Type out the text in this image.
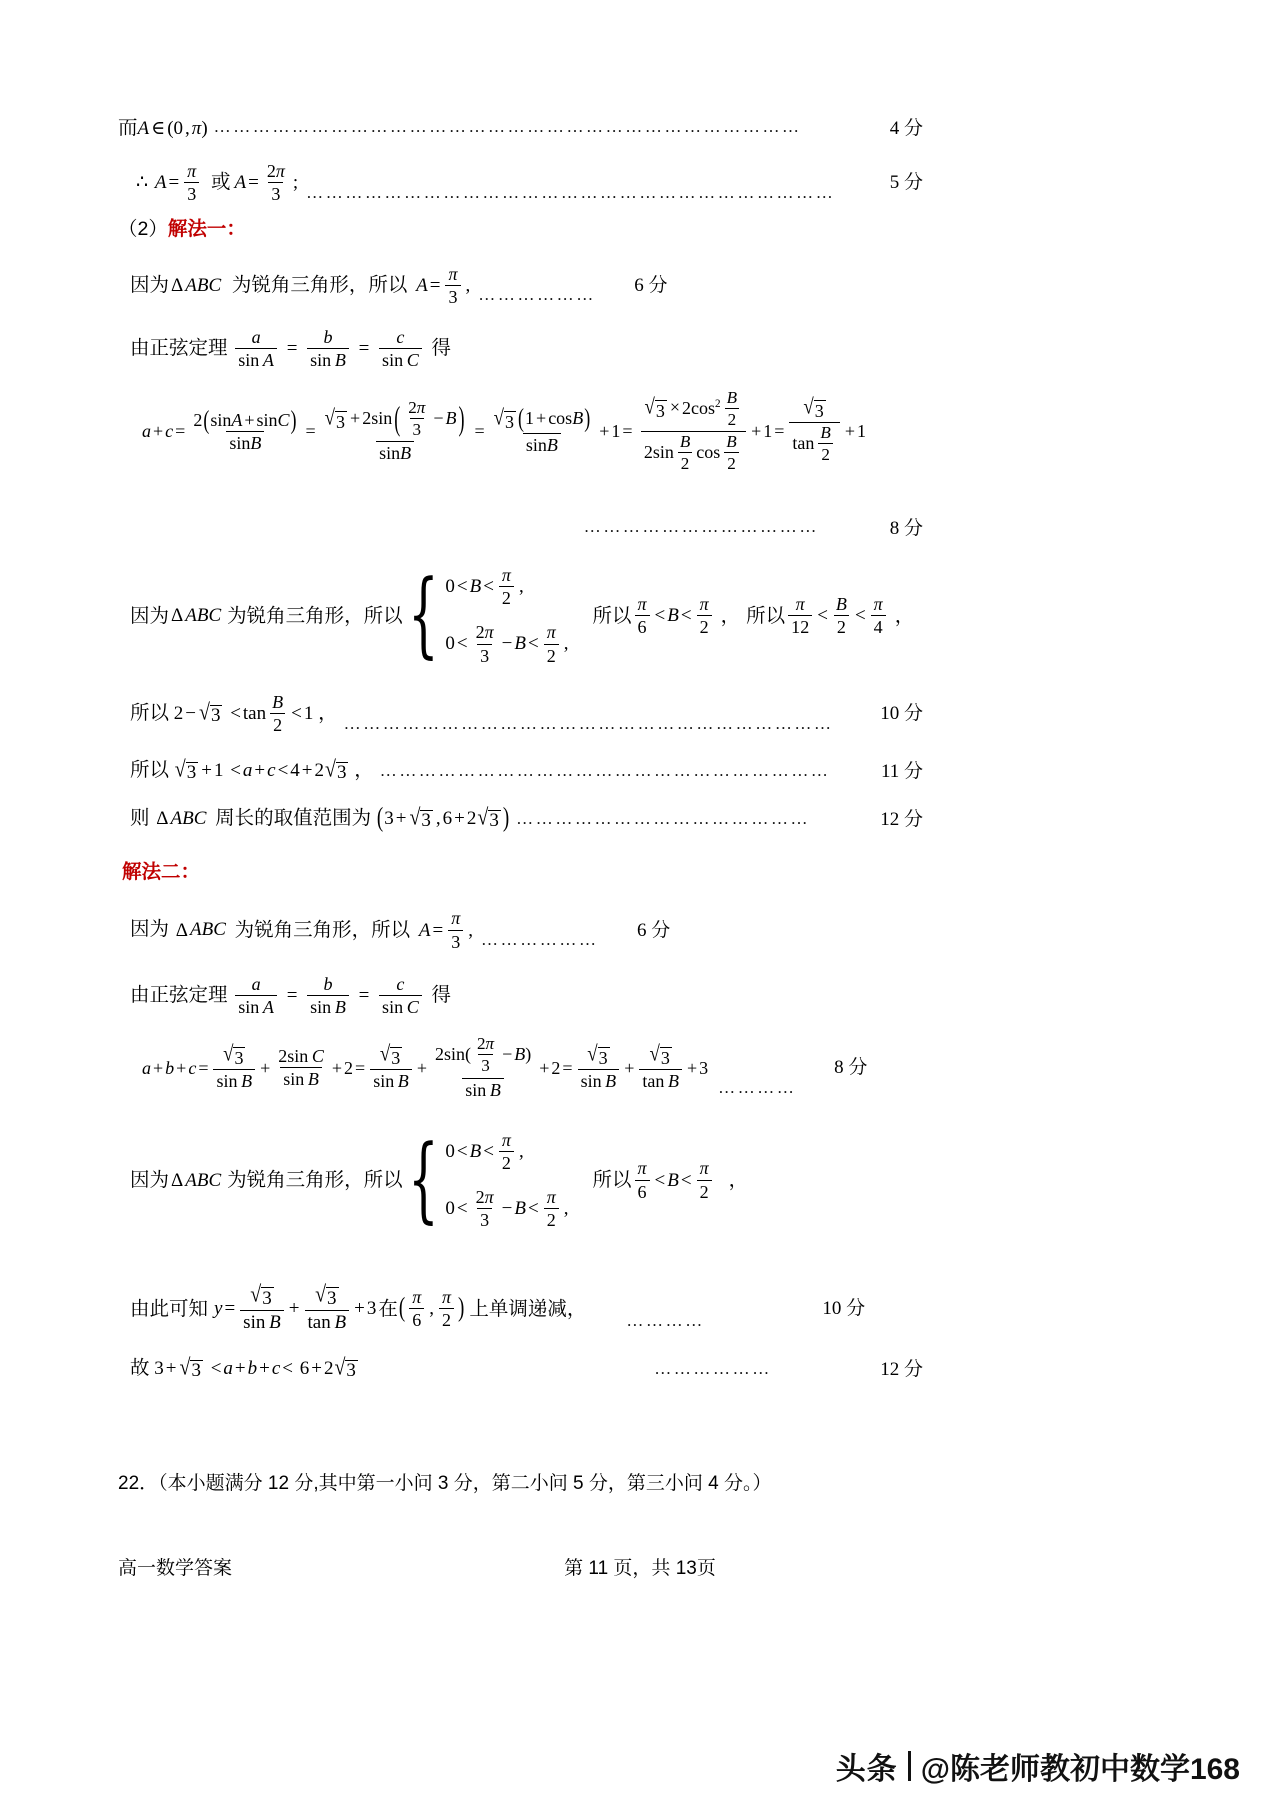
而A ∈ (0 , π) ………………………………………………………………………………	4 分
∴ $A = \frac{\pi}{3}$ 或 $A = \frac{2\pi}{3}$ ; ………………………………………………………………………	5 分
（2） 解法一：
因为 Δ ABC 为锐角三角形，所以 $A = \frac{\pi}{3}$ , ………………	6 分
由正弦定理 $\frac{a}{\text{sin A}} = \frac{b}{\text{sin B}} = \frac{c}{\text{sin C}}$ 得
$a + c = \frac{2(\sin A + \sin C)}{\sin B} = \frac{√ 3 + 2\sin ( \frac{2\pi}{3} - B )}{\sin B} = \frac{√ 3 (1 + \cos B)}{\sin B} + 1 = \frac{√ 3 \times 2\cos^2 \frac{B}{2}}{2\sin \frac{B}{2} \cos \frac{B}{2}} + 1 = \frac{√ 3}{\tan \frac{B}{2}} + 1$
………………………………	8 分
因为 Δ ABC 为锐角三角形，所以 { $0 < B < \frac{\pi}{2}$ ,
$0 < \frac{2\pi}{3} - B < \frac{\pi}{2}$ ,
所以 $\frac{\pi}{6} < B < \frac{\pi}{2}$ ， 所以 $\frac{\pi}{12} < \frac{B}{2} < \frac{\pi}{4}$ ，
所以 2 − √ $3 < \tan \frac{B}{2} < 1$ ， …………………………………………………………………	10 分
所以 √ 3 + 1 < a + c < 4 + 2 √ 3 ， ……………………………………………………………	11 分
则 Δ ABC 周长的取值范围为 (3 + √ 3 , 6 + 2 √ 3 ) ………………………………………	12 分
解法二：
因为 Δ ABC 为锐角三角形，所以 $A = \frac{\pi}{3}$ , ………………	6 分
由正弦定理 $\frac{a}{\text{sin A}} = \frac{b}{\text{sin B}} = \frac{c}{\text{sin C}}$ 得
$a + b + c = \frac{√ 3}{\text{sin B}} + \frac{\text{2sin C}}{\text{sin B}} + 2 = \frac{√ 3}{\text{sin B}} + \frac{2\sin( \frac{2\pi}{3} - B)}{\text{sin B}} + 2 = \frac{√ 3}{\text{sin B}} + \frac{√ 3}{\text{tan B}} + 3$
…………
8 分
因为 Δ ABC 为锐角三角形，所以 { $0 < B < \frac{\pi}{2}$ ,
$0 < \frac{2\pi}{3} - B < \frac{\pi}{2}$ ,
所以 $\frac{\pi}{6} < B < \frac{\pi}{2}$ ，
由此可知 $y = \frac{√ 3}{\text{sin B}} + \frac{√ 3}{\text{tan B}} + 3$ 在 ( $\frac{\pi}{6}$ , $\frac{\pi}{2}$ ) 上单调递减，
…………
10 分
故 3 + √ 3 < a + b + c < 6 + 2 √ 3	………………	12 分
22．（本小题满分 12 分,其中第一小问 3 分，第二小问 5 分，第三小问 4 分。）
高一数学答案	第 11 页，共 13页
头条 @陈老师教初中数学168
